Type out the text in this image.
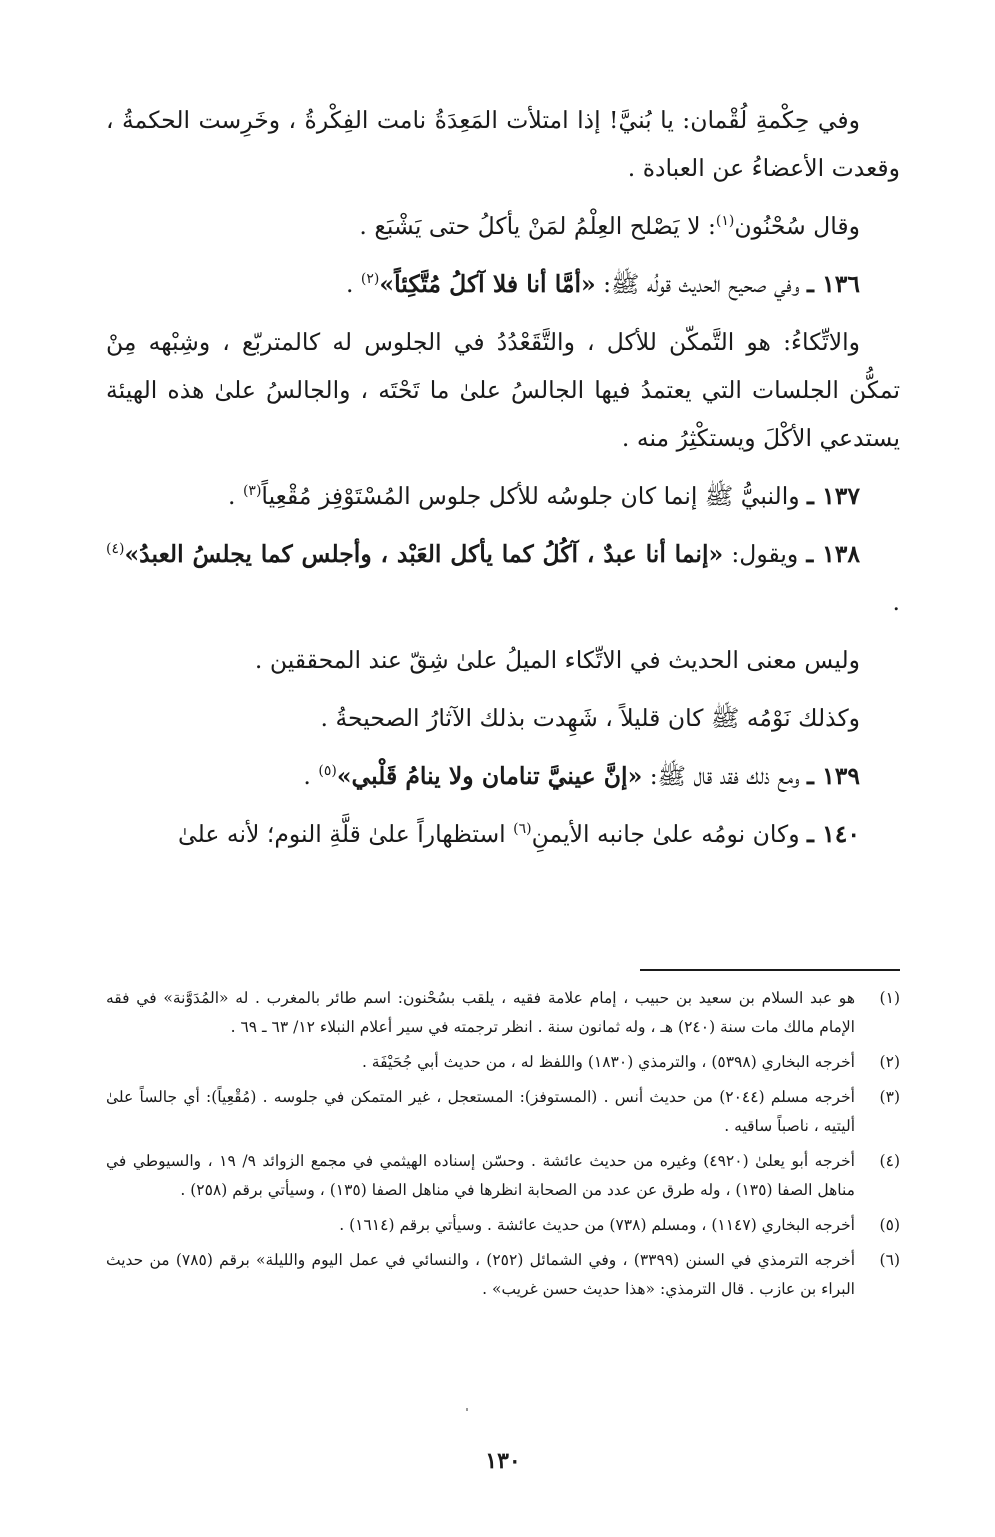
وفي حِكْمةِ لُقْمان: يا بُنيَّ! إذا امتلأت المَعِدَةُ نامت الفِكْرةُ ، وخَرِست الحكمةُ ، وقعدت الأعضاءُ عن العبادة .

وقال سُحْنُون$^{(١)}$: لا يَصْلح العِلْمُ لمَنْ يأكلُ حتى يَشْبَع .

١٣٦ ـ وفي صحيح الحديث قولُه ﷺ: «أمَّا أنا فلا آكلُ مُتَّكِئاً»$^{(٢)}$ .

والاتِّكاءُ: هو التَّمكّن للأكل ، والتَّقَعْدُدُ في الجلوس له كالمتربّع ، وشِبْهه مِنْ تمكُّن الجلسات التي يعتمدُ فيها الجالسُ علىٰ ما تَحْتَه ، والجالسُ علىٰ هذه الهيئة يستدعي الأكْلَ ويستكْثِرُ منه .

١٣٧ ـ والنبيُّ ﷺ إنما كان جلوسُه للأكل جلوس المُسْتَوْفِز مُقْعِياً$^{(٣)}$ .

١٣٨ ـ ويقول: «إنما أنا عبدٌ ، آكُلُ كما يأكل العَبْد ، وأجلس كما يجلسُ العبدُ»$^{(٤)}$ .

وليس معنى الحديث في الاتِّكاء الميلُ علىٰ شِقّ عند المحققين .

وكذلك نَوْمُه ﷺ كان قليلاً ، شَهِدت بذلك الآثارُ الصحيحةُ .

١٣٩ ـ ومع ذلك فقد قال ﷺ: «إنَّ عينيَّ تنامان ولا ينامُ قَلْبي»$^{(٥)}$ .

١٤٠ ـ وكان نومُه علىٰ جانبه الأيمنِ$^{(٦)}$ استظهاراً علىٰ قلَّةِ النوم؛ لأنه علىٰ

(١)
هو عبد السلام بن سعيد بن حبيب ، إمام علامة فقيه ، يلقب بسُحْنون: اسم طائر بالمغرب . له «المُدَوَّنة» في فقه الإمام مالك مات سنة (٢٤٠) هـ ، وله ثمانون سنة . انظر ترجمته في سير أعلام النبلاء ١٢/ ٦٣ ـ ٦٩ .
(٢)
أخرجه البخاري (٥٣٩٨) ، والترمذي (١٨٣٠) واللفظ له ، من حديث أبي جُحَيْفَة .
(٣)
أخرجه مسلم (٢٠٤٤) من حديث أنس . (المستوفز): المستعجل ، غير المتمكن في جلوسه . (مُقْعِياً): أي جالساً علىٰ أليتيه ، ناصباً ساقيه .
(٤)
أخرجه أبو يعلىٰ (٤٩٢٠) وغيره من حديث عائشة . وحسّن إسناده الهيثمي في مجمع الزوائد ٩/ ١٩ ، والسيوطي في مناهل الصفا (١٣٥) ، وله طرق عن عدد من الصحابة انظرها في مناهل الصفا (١٣٥) ، وسيأتي برقم (٢٥٨) .
(٥)
أخرجه البخاري (١١٤٧) ، ومسلم (٧٣٨) من حديث عائشة . وسيأتي برقم (١٦١٤) .
(٦)
أخرجه الترمذي في السنن (٣٣٩٩) ، وفي الشمائل (٢٥٢) ، والنسائي في عمل اليوم والليلة» برقم (٧٨٥) من حديث البراء بن عازب . قال الترمذي: «هذا حديث حسن غريب» .
١٣٠
